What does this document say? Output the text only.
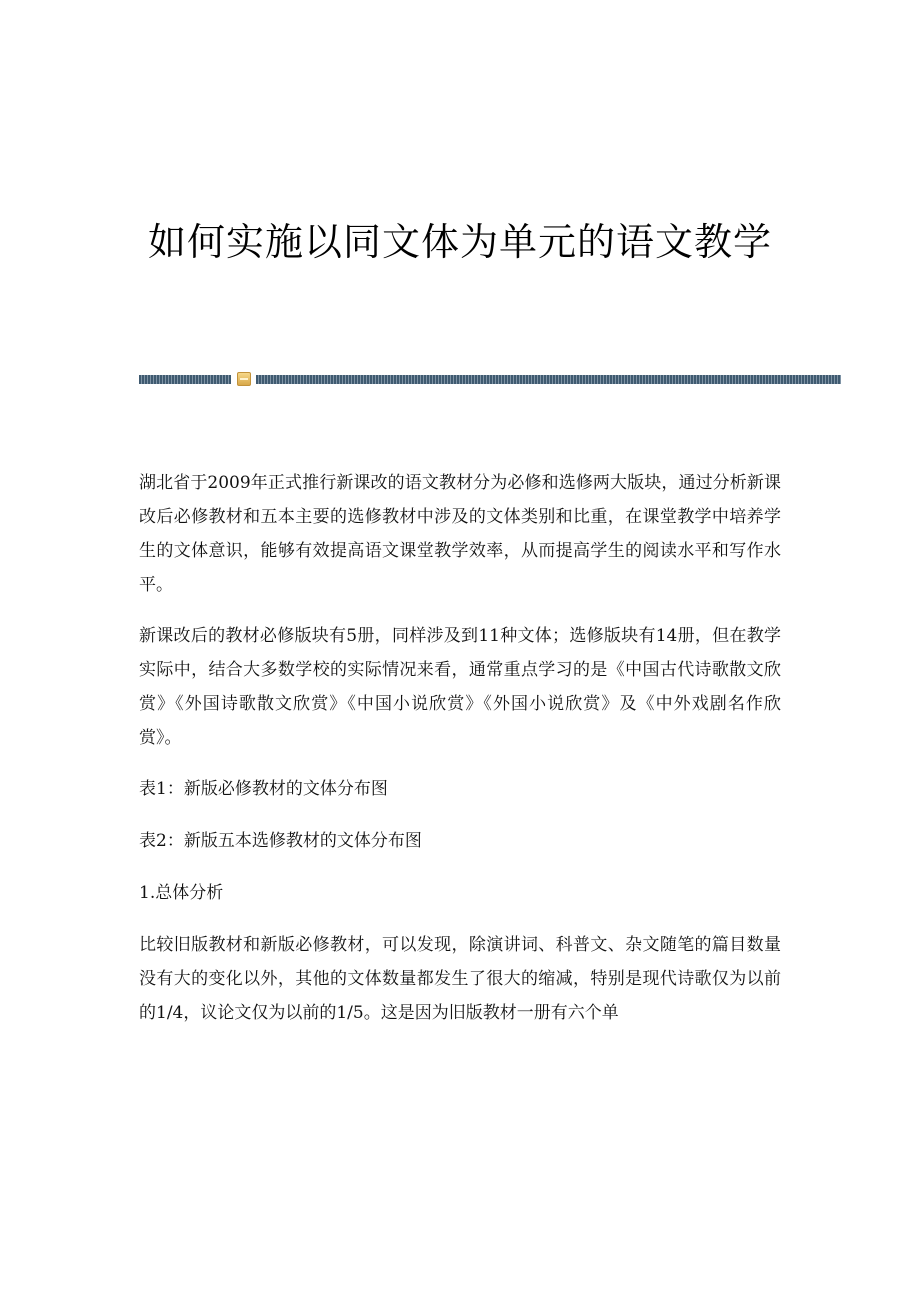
如何实施以同文体为单元的语文教学

湖北省于2009年正式推行新课改的语文教材分为必修和选修两大版块，通过分析新课改后必修教材和五本主要的选修教材中涉及的文体类别和比重，在课堂教学中培养学生的文体意识，能够有效提高语文课堂教学效率，从而提高学生的阅读水平和写作水平。

新课改后的教材必修版块有5册，同样涉及到11种文体；选修版块有14册，但在教学实际中，结合大多数学校的实际情况来看，通常重点学习的是《中国古代诗歌散文欣赏》《外国诗歌散文欣赏》《中国小说欣赏》《外国小说欣赏》及《中外戏剧名作欣赏》。

表1：新版必修教材的文体分布图

表2：新版五本选修教材的文体分布图

1.总体分析

比较旧版教材和新版必修教材，可以发现，除演讲词、科普文、杂文随笔的篇目数量没有大的变化以外，其他的文体数量都发生了很大的缩减，特别是现代诗歌仅为以前的1/4，议论文仅为以前的1/5。这是因为旧版教材一册有六个单
